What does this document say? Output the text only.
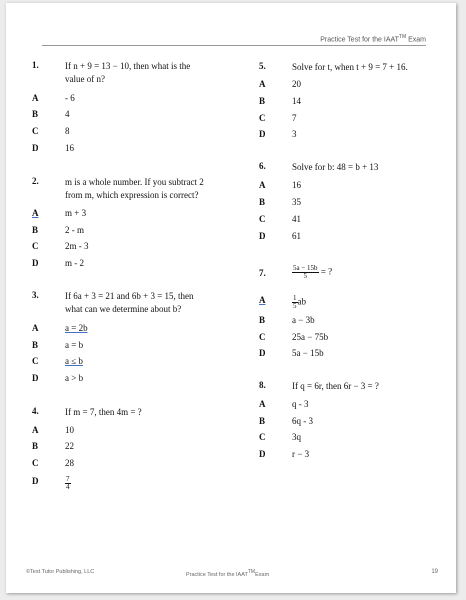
Practice Test for the IAAT™ Exam
1.	If n + 9 = 13 − 10, then what is the value of n?
A	- 6
B	4
C	8
D	16
2.	m is a whole number. If you subtract 2 from m, which expression is correct?
A	m + 3
B	2 - m
C	2m - 3
D	m - 2
3.	If 6a + 3 = 21 and 6b + 3 = 15, then what can we determine about b?
A	a = 2b
B	a = b
C	a ≤ b
D	a > b
4.	If m = 7, then 4m = ?
A	10
B	22
C	28
D	$\frac{7}{4}$
5.	Solve for t, when t + 9 = 7 + 16.
A	20
B	14
C	7
D	3
6.	Solve for b: 48 = b + 13
A	16
B	35
C	41
D	61
7.	$\frac{5a - 15b}{5}$ = ?
A	$\frac{1}{5}$ ab
B	a − 3b
C	25a − 75b
D	5a − 15b
8.	If q = 6r, then 6r − 3 = ?
A	q - 3
B	6q - 3
C	3q
D	r − 3
©Test Tutor Publishing, LLC	Practice Test for the IAAT™Exam	19
